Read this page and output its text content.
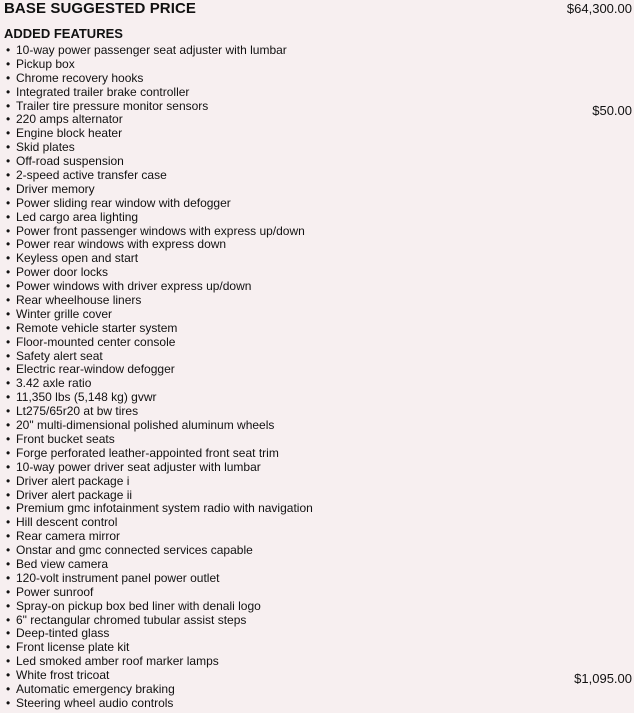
BASE SUGGESTED PRICE	$64,300.00
ADDED FEATURES
• 10-way power passenger seat adjuster with lumbar
• Pickup box
• Chrome recovery hooks
• Integrated trailer brake controller
• Trailer tire pressure monitor sensors
• 220 amps alternator
• Engine block heater
• Skid plates
• Off-road suspension
• 2-speed active transfer case
• Driver memory
• Power sliding rear window with defogger
• Led cargo area lighting
• Power front passenger windows with express up/down
• Power rear windows with express down
• Keyless open and start
• Power door locks
• Power windows with driver express up/down
• Rear wheelhouse liners
• Winter grille cover
• Remote vehicle starter system
• Floor-mounted center console
• Safety alert seat
• Electric rear-window defogger
• 3.42 axle ratio
• 11,350 lbs (5,148 kg) gvwr
• Lt275/65r20 at bw tires
• 20" multi-dimensional polished aluminum wheels
• Front bucket seats
• Forge perforated leather-appointed front seat trim
• 10-way power driver seat adjuster with lumbar
• Driver alert package i
• Driver alert package ii
• Premium gmc infotainment system radio with navigation
• Hill descent control
• Rear camera mirror
• Onstar and gmc connected services capable
• Bed view camera
• 120-volt instrument panel power outlet
• Power sunroof
• Spray-on pickup box bed liner with denali logo
• 6" rectangular chromed tubular assist steps
• Deep-tinted glass
• Front license plate kit
• Led smoked amber roof marker lamps
• White frost tricoat
• Automatic emergency braking
• Steering wheel audio controls
$50.00
$1,095.00
